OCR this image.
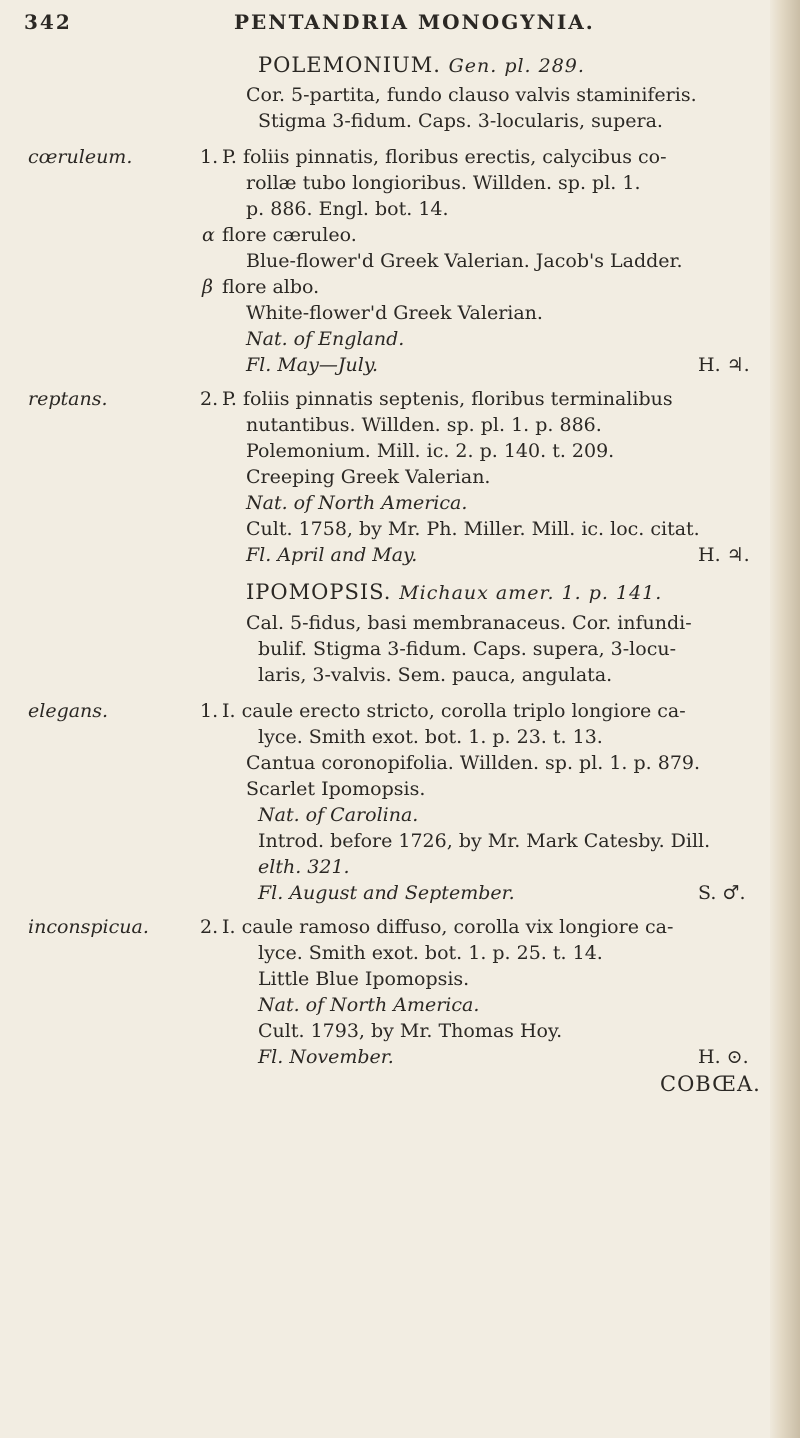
342	PENTANDRIA MONOGYNIA.
POLEMONIUM. Gen. pl. 289.
Cor. 5-partita, fundo clauso valvis staminiferis.
Stigma 3-fidum. Caps. 3-locularis, supera.
cœruleum.	1. P. foliis pinnatis, floribus erectis, calycibus co-
rollæ tubo longioribus. Willden. sp. pl. 1.
p. 886. Engl. bot. 14.
α flore cæruleo.
Blue-flower'd Greek Valerian. Jacob's Ladder.
β flore albo.
White-flower'd Greek Valerian.
Nat. of England.
Fl. May—July.	H. ♃.
reptans.	2. P. foliis pinnatis septenis, floribus terminalibus
nutantibus. Willden. sp. pl. 1. p. 886.
Polemonium. Mill. ic. 2. p. 140. t. 209.
Creeping Greek Valerian.
Nat. of North America.
Cult. 1758, by Mr. Ph. Miller. Mill. ic. loc. citat.
Fl. April and May.	H. ♃.
IPOMOPSIS. Michaux amer. 1. p. 141.
Cal. 5-fidus, basi membranaceus. Cor. infundi-
bulif. Stigma 3-fidum. Caps. supera, 3-locu-
laris, 3-valvis. Sem. pauca, angulata.
elegans.	1. I. caule erecto stricto, corolla triplo longiore ca-
lyce. Smith exot. bot. 1. p. 23. t. 13.
Cantua coronopifolia. Willden. sp. pl. 1. p. 879.
Scarlet Ipomopsis.
Nat. of Carolina.
Introd. before 1726, by Mr. Mark Catesby. Dill.
elth. 321.
Fl. August and September.	S. ♂.
inconspicua.	2. I. caule ramoso diffuso, corolla vix longiore ca-
lyce. Smith exot. bot. 1. p. 25. t. 14.
Little Blue Ipomopsis.
Nat. of North America.
Cult. 1793, by Mr. Thomas Hoy.
Fl. November.	H. ⊙.
COBŒA.
